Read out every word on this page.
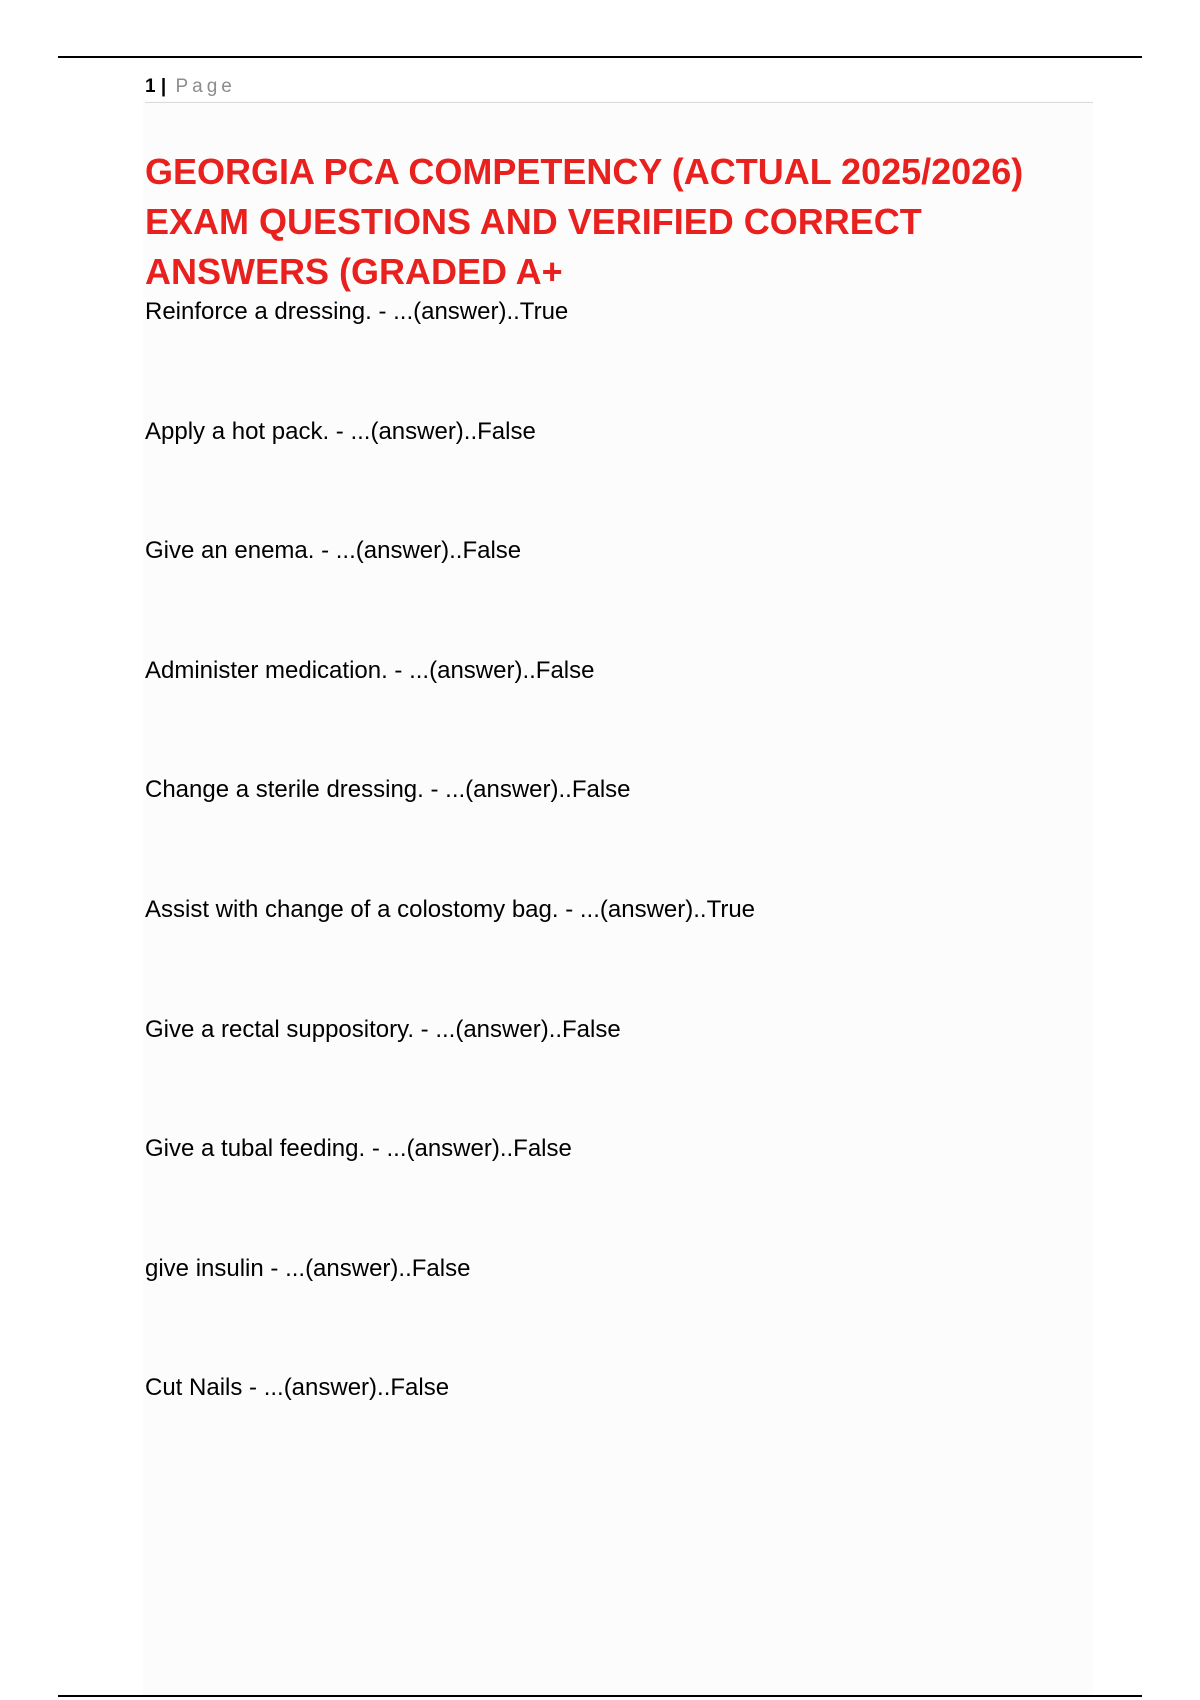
1 | Page
GEORGIA PCA COMPETENCY (ACTUAL 2025/2026) EXAM QUESTIONS AND VERIFIED CORRECT ANSWERS (GRADED A+
Reinforce a dressing. - ...(answer)..True
Apply a hot pack. - ...(answer)..False
Give an enema. - ...(answer)..False
Administer medication. - ...(answer)..False
Change a sterile dressing. - ...(answer)..False
Assist with change of a colostomy bag. - ...(answer)..True
Give a rectal suppository. - ...(answer)..False
Give a tubal feeding. - ...(answer)..False
give insulin - ...(answer)..False
Cut Nails - ...(answer)..False
